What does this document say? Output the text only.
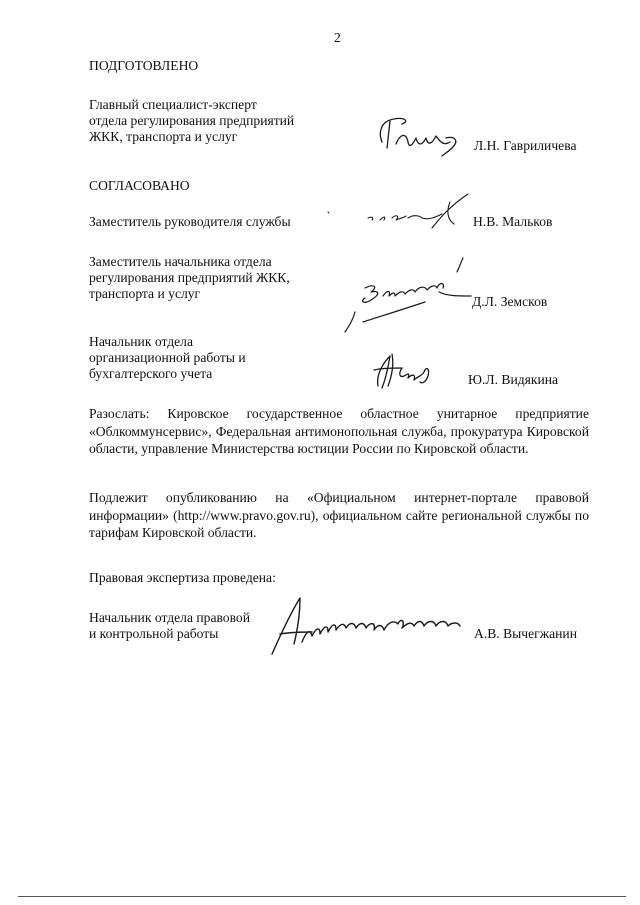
2
ПОДГОТОВЛЕНО
Главный специалист-эксперт
отдела регулирования предприятий
ЖКК, транспорта и услуг
Л.Н. Гавриличева
СОГЛАСОВАНО
Заместитель руководителя службы	Н.В. Мальков
Заместитель начальника отдела
регулирования предприятий ЖКК,
транспорта и услуг
Д.Л. Земсков
Начальник отдела
организационной работы и
бухгалтерского учета	Ю.Л. Видякина
Разослать: Кировское государственное областное унитарное предприятие «Облкоммунсервис», Федеральная антимонопольная служба, прокуратура Кировской области, управление Министерства юстиции России по Кировской области.
Подлежит опубликованию на «Официальном интернет-портале правовой информации» (http://www.pravo.gov.ru), официальном сайте региональной службы по тарифам Кировской области.
Правовая экспертиза проведена:
Начальник отдела правовой
и контрольной работы	А.В. Вычегжанин
